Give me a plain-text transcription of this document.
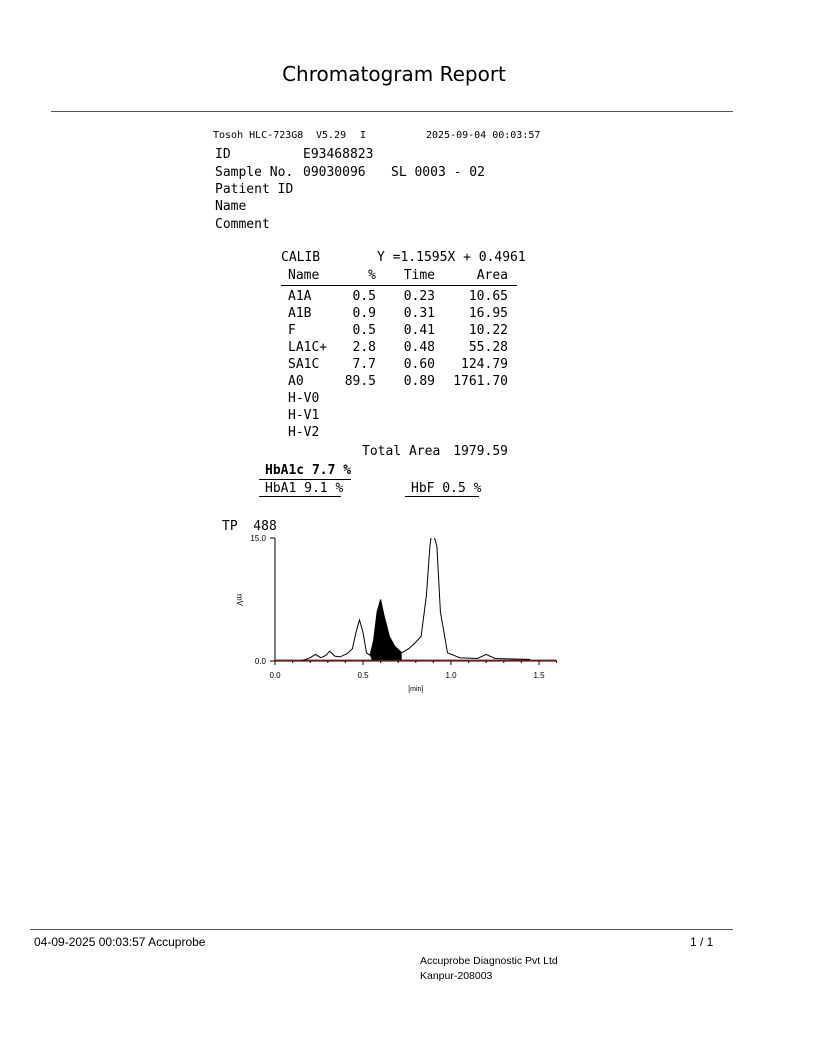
Chromatogram Report
Tosoh HLC-723G8 V5.29 I	2025-09-04 00:03:57
ID	E93468823
Sample No. 09030096 SL 0003 - 02
Patient ID
Name
Comment
CALIB	Y =1.1595X + 0.4961
Name	%	Time	Area
A1A	0.5	0.23	10.65
A1B	0.9	0.31	16.95
F	0.5	0.41	10.22
LA1C+	2.8	0.48	55.28
SA1C	7.7	0.60	124.79
A0	89.5	0.89	1761.70
H-V0
H-V1
H-V2
Total Area 1979.59
HbA1c 7.7 %
HbA1 9.1 %	HbF 0.5 %
TP  488
15.0
0.0
0.0	0.5	1.0	1.5
[min]
mV
04-09-2025 00:03:57 Accuprobe	1 / 1
Accuprobe Diagnostic Pvt Ltd
Kanpur-208003
